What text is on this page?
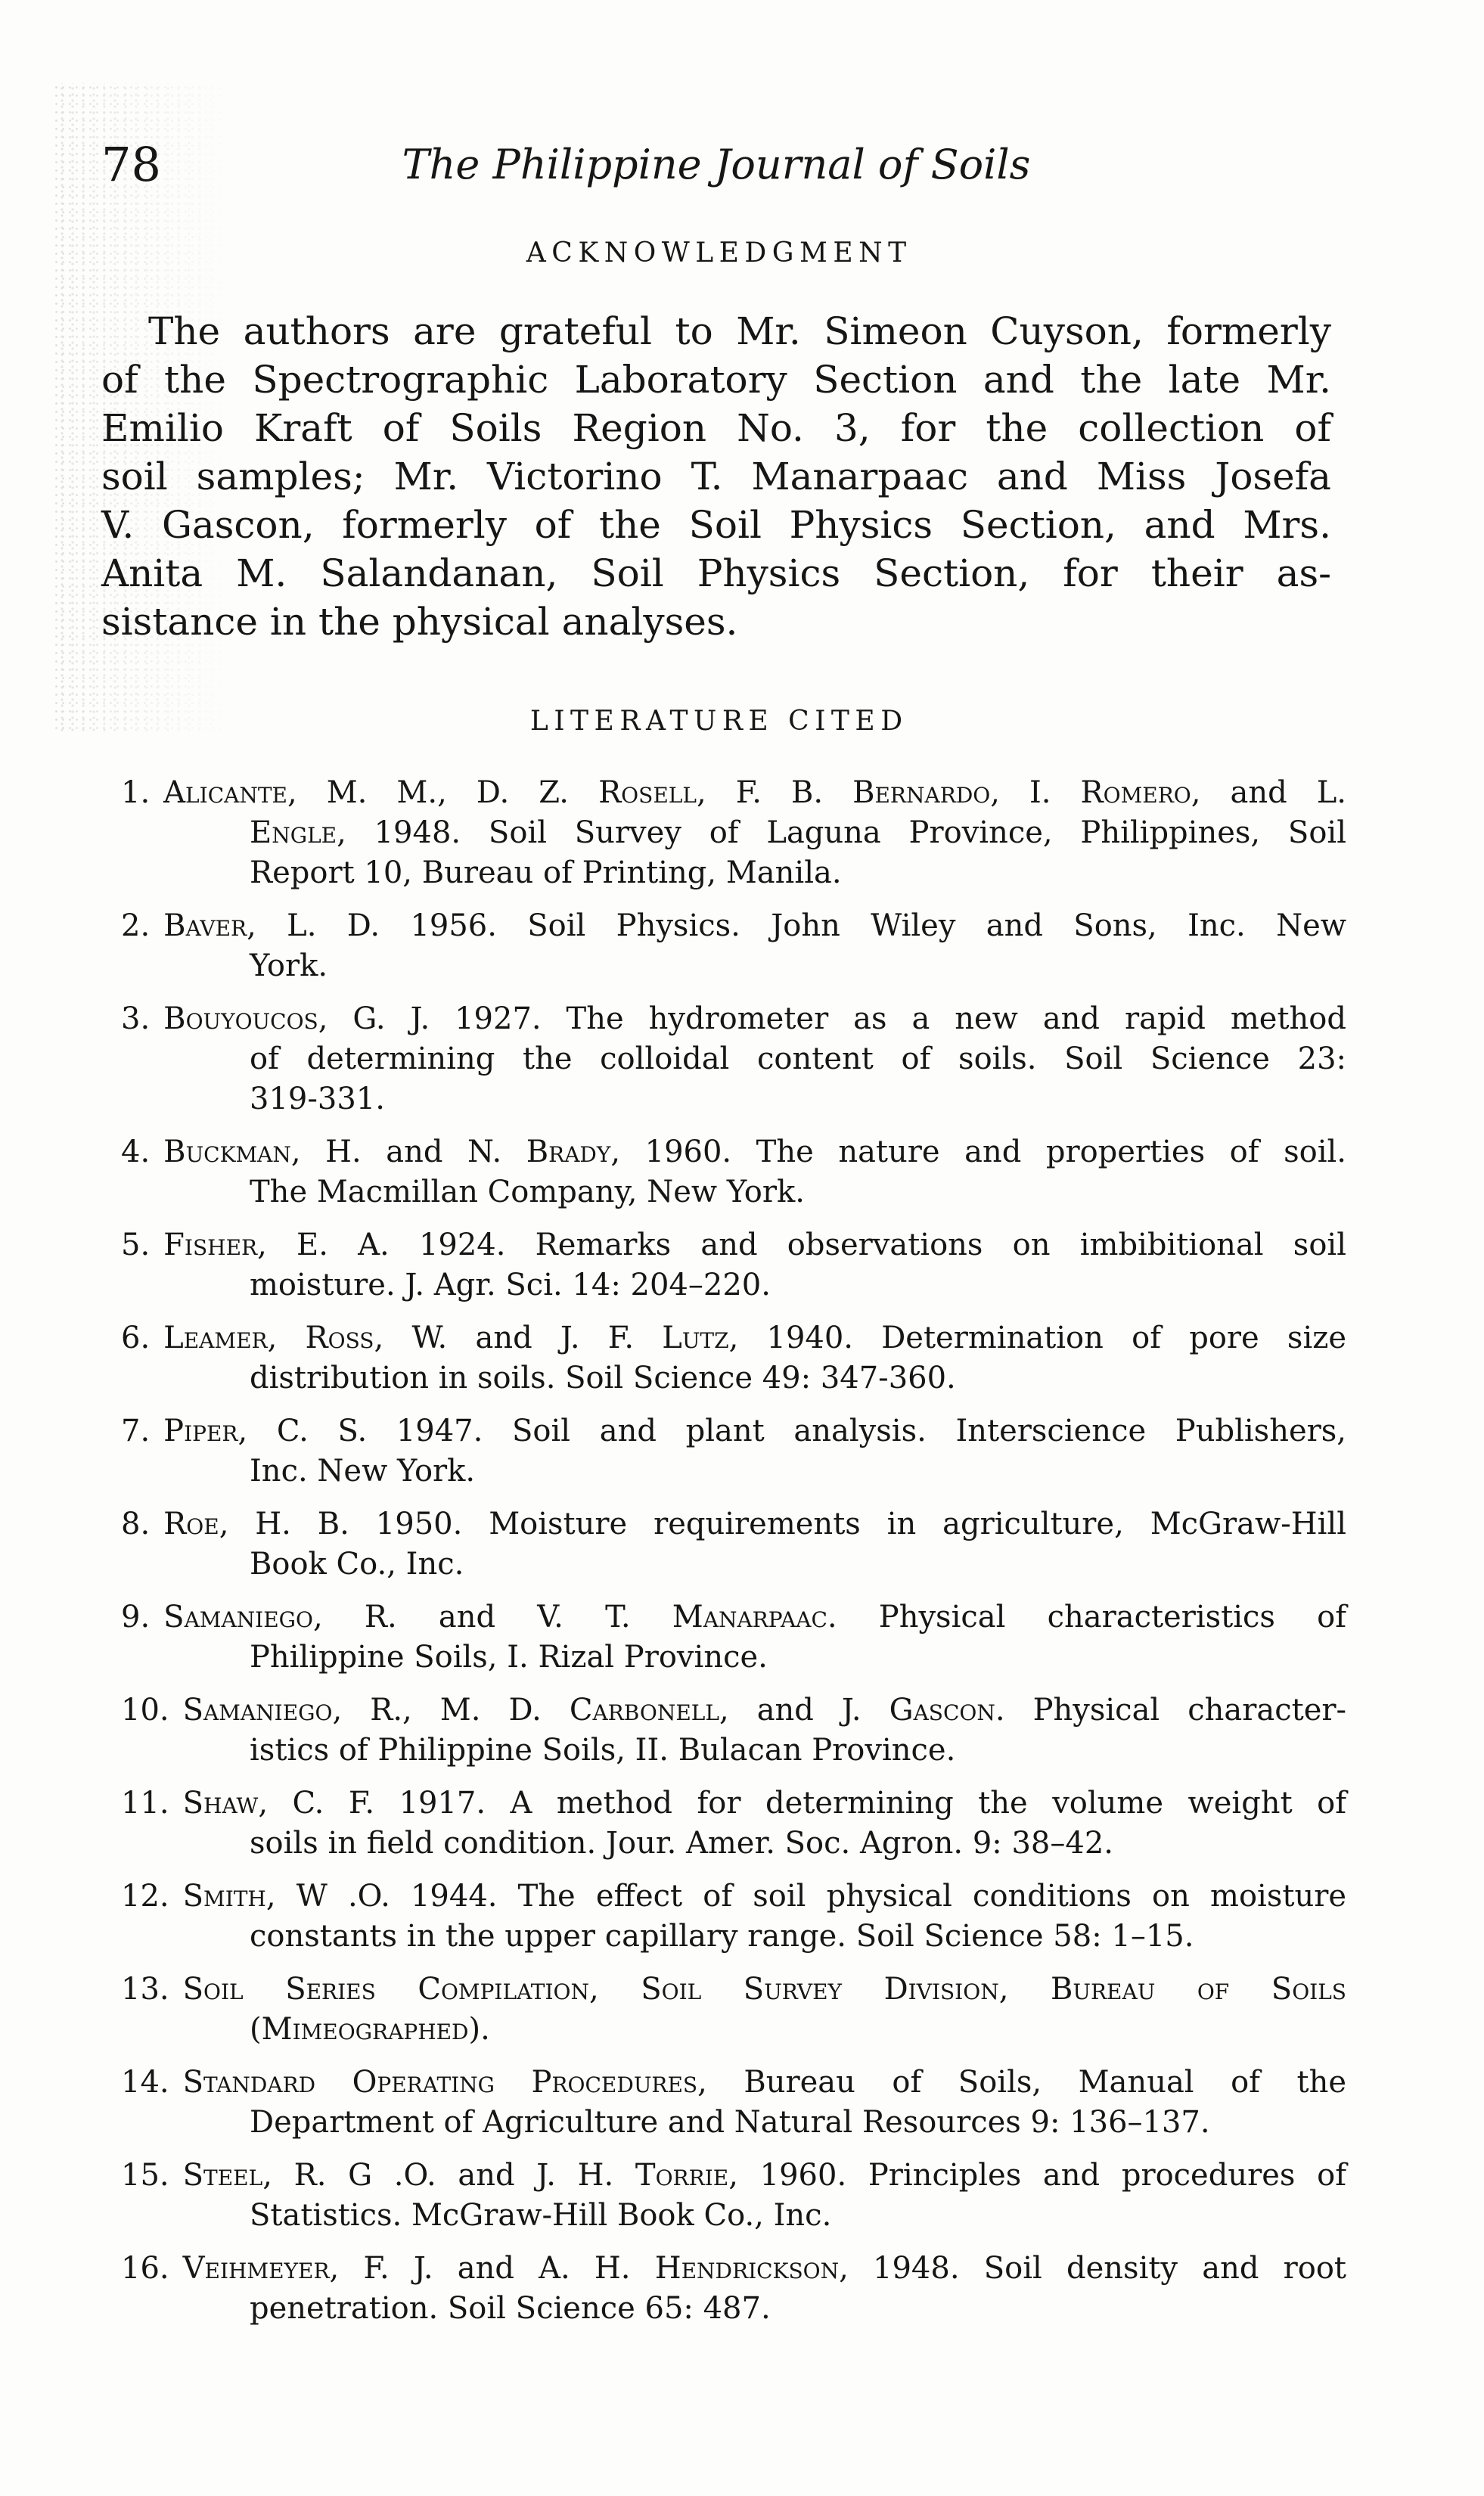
78	The Philippine Journal of Soils
ACKNOWLEDGMENT
The authors are grateful to Mr. Simeon Cuyson, formerly
of the Spectrographic Laboratory Section and the late Mr.
Emilio Kraft of Soils Region No. 3, for the collection of
soil samples; Mr. Victorino T. Manarpaac and Miss Josefa
V. Gascon, formerly of the Soil Physics Section, and Mrs.
Anita M. Salandanan, Soil Physics Section, for their as-
sistance in the physical analyses.
LITERATURE CITED
1. Alicante, M. M., D. Z. Rosell, F. B. Bernardo, I. Romero, and L.
Engle, 1948. Soil Survey of Laguna Province, Philippines, Soil
Report 10, Bureau of Printing, Manila.
2. Baver, L. D. 1956. Soil Physics. John Wiley and Sons, Inc. New
York.
3. Bouyoucos, G. J. 1927. The hydrometer as a new and rapid method
of determining the colloidal content of soils. Soil Science 23:
319-331.
4. Buckman, H. and N. Brady, 1960. The nature and properties of soil.
The Macmillan Company, New York.
5. Fisher, E. A. 1924. Remarks and observations on imbibitional soil
moisture. J. Agr. Sci. 14: 204–220.
6. Leamer, Ross, W. and J. F. Lutz, 1940. Determination of pore size
distribution in soils. Soil Science 49: 347-360.
7. Piper, C. S. 1947. Soil and plant analysis. Interscience Publishers,
Inc. New York.
8. Roe, H. B. 1950. Moisture requirements in agriculture, McGraw-Hill
Book Co., Inc.
9. Samaniego, R. and V. T. Manarpaac. Physical characteristics of
Philippine Soils, I. Rizal Province.
10. Samaniego, R., M. D. Carbonell, and J. Gascon. Physical character-
istics of Philippine Soils, II. Bulacan Province.
11. Shaw, C. F. 1917. A method for determining the volume weight of
soils in field condition. Jour. Amer. Soc. Agron. 9: 38–42.
12. Smith, W .O. 1944. The effect of soil physical conditions on moisture
constants in the upper capillary range. Soil Science 58: 1–15.
13. Soil Series Compilation, Soil Survey Division, Bureau of Soils
(Mimeographed).
14. Standard Operating Procedures, Bureau of Soils, Manual of the
Department of Agriculture and Natural Resources 9: 136–137.
15. Steel, R. G .O. and J. H. Torrie, 1960. Principles and procedures of
Statistics. McGraw-Hill Book Co., Inc.
16. Veihmeyer, F. J. and A. H. Hendrickson, 1948. Soil density and root
penetration. Soil Science 65: 487.
